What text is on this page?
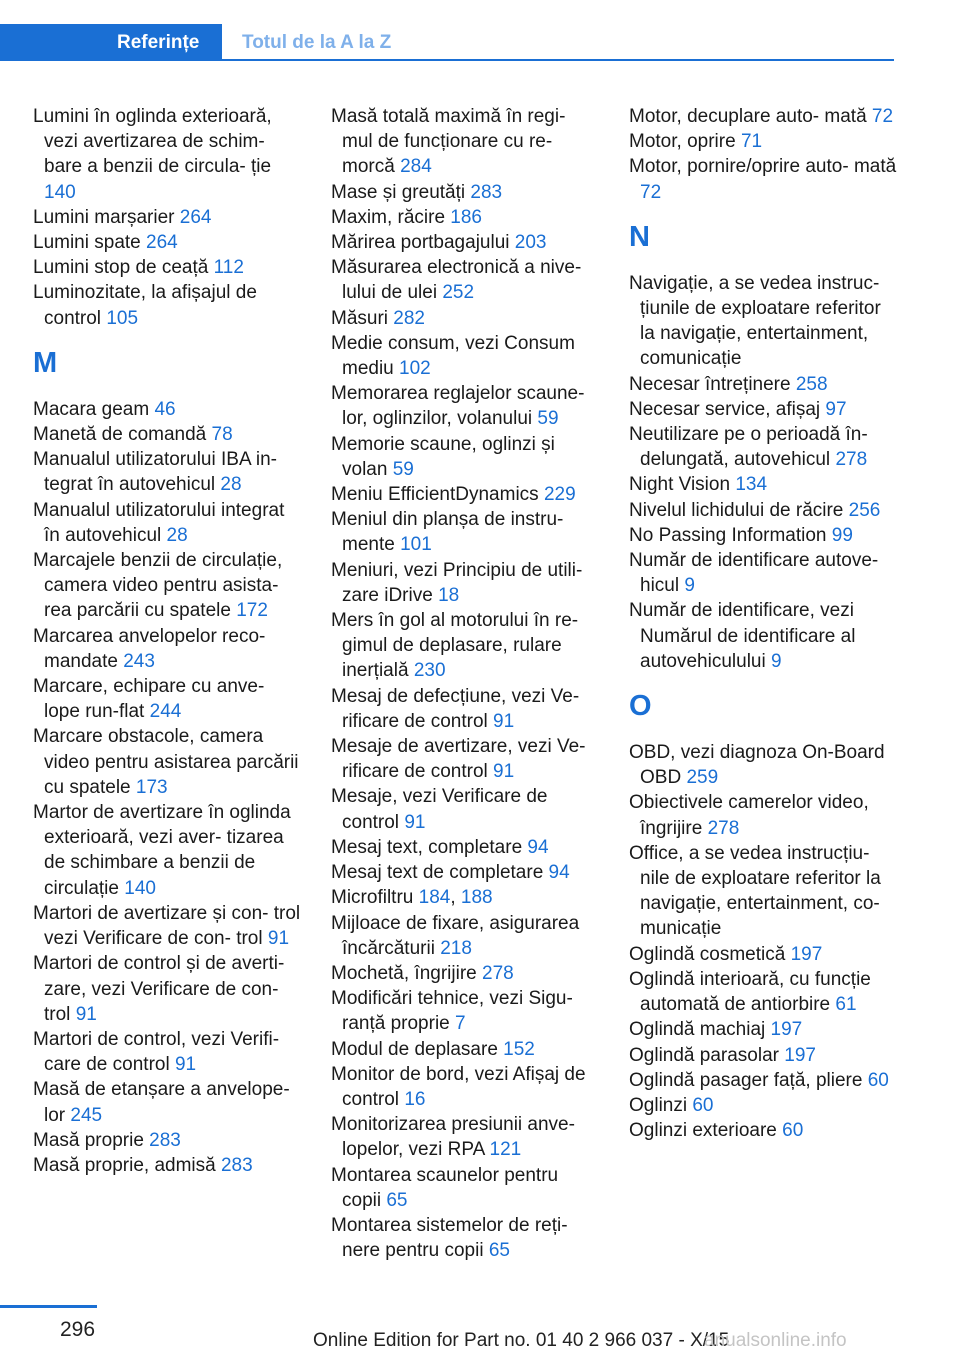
Referințe	Totul de la A la Z
Lumini în oglinda exterioară, vezi avertizarea de schim- bare a benzii de circula- ție 140
Lumini marșarier 264
Lumini spate 264
Lumini stop de ceață 112
Luminozitate, la afișajul de control 105
M
Macara geam 46
Manetă de comandă 78
Manualul utilizatorului IBA in- tegrat în autovehicul 28
Manualul utilizatorului integrat în autovehicul 28
Marcajele benzii de circulație, camera video pentru asista- rea parcării cu spatele 172
Marcarea anvelopelor reco- mandate 243
Marcare, echipare cu anve- lope run-flat 244
Marcare obstacole, camera video pentru asistarea parcării cu spatele 173
Martor de avertizare în oglinda exterioară, vezi aver- tizarea de schimbare a benzii de circulație 140
Martori de avertizare și con- trol vezi Verificare de con- trol 91
Martori de control și de averti- zare, vezi Verificare de con- trol 91
Martori de control, vezi Verifi- care de control 91
Masă de etanșare a anvelope- lor 245
Masă proprie 283
Masă proprie, admisă 283
Masă totală maximă în regi- mul de funcționare cu re- morcă 284
Mase și greutăți 283
Maxim, răcire 186
Mărirea portbagajului 203
Măsurarea electronică a nive- lului de ulei 252
Măsuri 282
Medie consum, vezi Consum mediu 102
Memorarea reglajelor scaune- lor, oglinzilor, volanului 59
Memorie scaune, oglinzi și volan 59
Meniu EfficientDynamics 229
Meniul din planșa de instru- mente 101
Meniuri, vezi Principiu de utili- zare iDrive 18
Mers în gol al motorului în re- gimul de deplasare, rulare inerțială 230
Mesaj de defecțiune, vezi Ve- rificare de control 91
Mesaje de avertizare, vezi Ve- rificare de control 91
Mesaje, vezi Verificare de control 91
Mesaj text, completare 94
Mesaj text de completare 94
Microfiltru 184, 188
Mijloace de fixare, asigurarea încărcăturii 218
Mochetă, îngrijire 278
Modificări tehnice, vezi Sigu- ranță proprie 7
Modul de deplasare 152
Monitor de bord, vezi Afișaj de control 16
Monitorizarea presiunii anve- lopelor, vezi RPA 121
Montarea scaunelor pentru copii 65
Montarea sistemelor de reți- nere pentru copii 65
Motor, decuplare auto- mată 72
Motor, oprire 71
Motor, pornire/oprire auto- mată 72
N
Navigație, a se vedea instruc- țiunile de exploatare referitor la navigație, entertainment, comunicație
Necesar întreținere 258
Necesar service, afișaj 97
Neutilizare pe o perioadă în- delungată, autovehicul 278
Night Vision 134
Nivelul lichidului de răcire 256
No Passing Information 99
Număr de identificare autove- hicul 9
Număr de identificare, vezi Numărul de identificare al autovehiculului 9
O
OBD, vezi diagnoza On-Board OBD 259
Obiectivele camerelor video, îngrijire 278
Office, a se vedea instrucțiu- nile de exploatare referitor la navigație, entertainment, co- municație
Oglindă cosmetică 197
Oglindă interioară, cu funcție automată de antiorbire 61
Oglindă machiaj 197
Oglindă parasolar 197
Oglindă pasager față, pliere 60
Oglinzi 60
Oglinzi exterioare 60
296	Online Edition for Part no. 01 40 2 966 037 - X/15
anualsonline.info
